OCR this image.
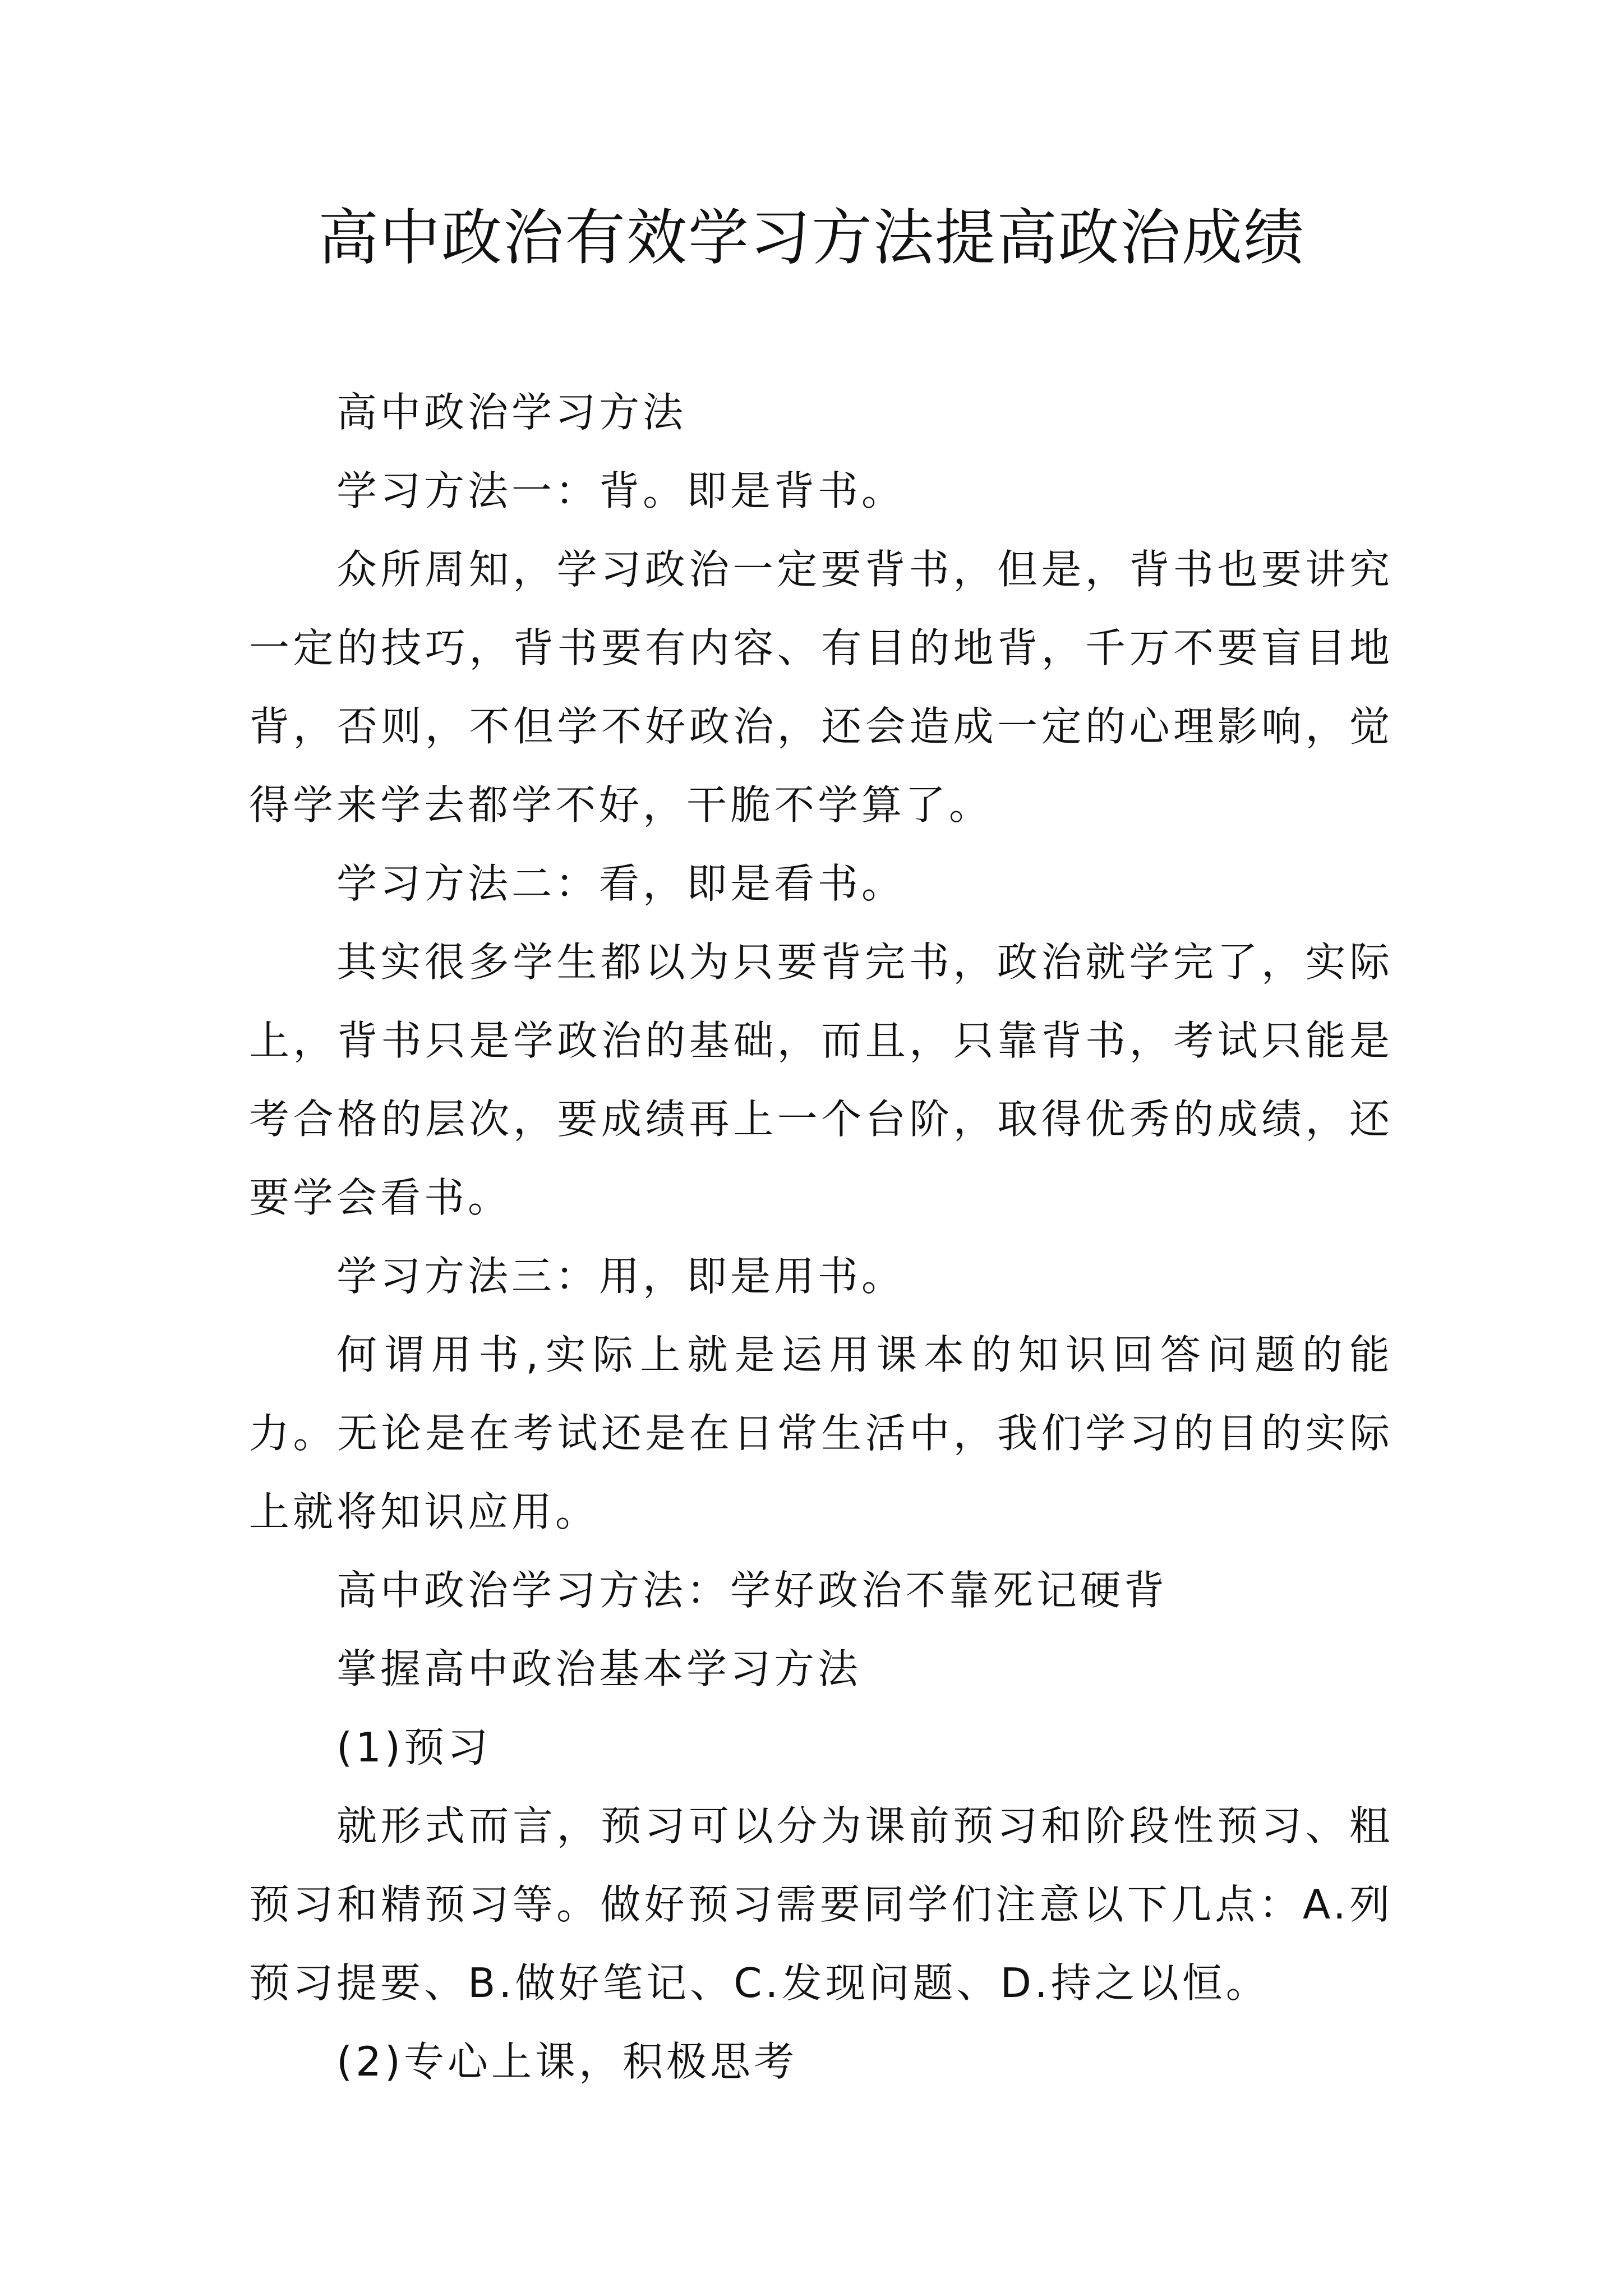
高中政治有效学习方法提高政治成绩

高中政治学习方法

学习方法一：背。即是背书。

众所周知，学习政治一定要背书，但是，背书也要讲究一定的技巧，背书要有内容、有目的地背，千万不要盲目地背，否则，不但学不好政治，还会造成一定的心理影响，觉得学来学去都学不好，干脆不学算了。

学习方法二：看，即是看书。

其实很多学生都以为只要背完书，政治就学完了，实际上，背书只是学政治的基础，而且，只靠背书，考试只能是考合格的层次，要成绩再上一个台阶，取得优秀的成绩，还要学会看书。

学习方法三：用，即是用书。

何谓用书,实际上就是运用课本的知识回答问题的能力。无论是在考试还是在日常生活中，我们学习的目的实际上就将知识应用。

高中政治学习方法：学好政治不靠死记硬背

掌握高中政治基本学习方法

(1)预习

就形式而言，预习可以分为课前预习和阶段性预习、粗预习和精预习等。做好预习需要同学们注意以下几点：A.列预习提要、B.做好笔记、C.发现问题、D.持之以恒。

(2)专心上课，积极思考
